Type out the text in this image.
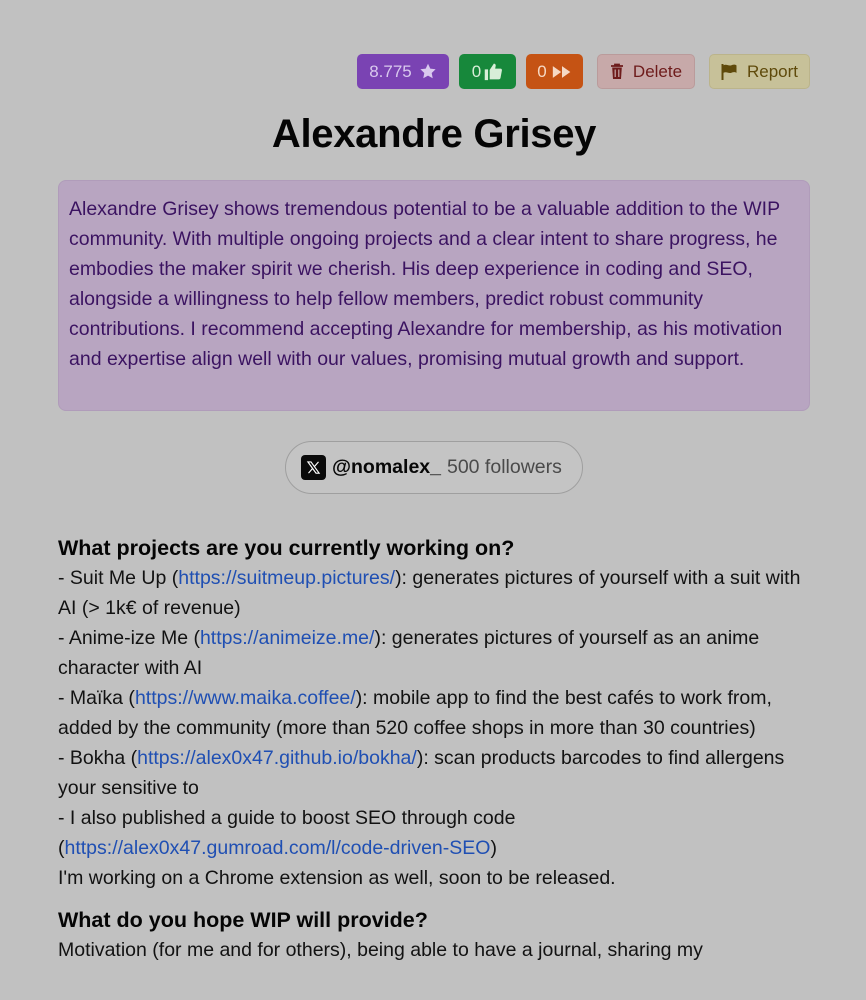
8.775	0	0	Delete	Report
Alexandre Grisey
Alexandre Grisey shows tremendous potential to be a valuable addition to the WIP community. With multiple ongoing projects and a clear intent to share progress, he embodies the maker spirit we cherish. His deep experience in coding and SEO, alongside a willingness to help fellow members, predict robust community contributions. I recommend accepting Alexandre for membership, as his motivation and expertise align well with our values, promising mutual growth and support.
@nomalex_ 500 followers
What projects are you currently working on?
- Suit Me Up (https://suitmeup.pictures/): generates pictures of yourself with a suit with AI (> 1k€ of revenue)
- Anime-ize Me (https://animeize.me/): generates pictures of yourself as an anime character with AI
- Maïka (https://www.maika.coffee/): mobile app to find the best cafés to work from, added by the community (more than 520 coffee shops in more than 30 countries)
- Bokha (https://alex0x47.github.io/bokha/): scan products barcodes to find allergens your sensitive to
- I also published a guide to boost SEO through code (https://alex0x47.gumroad.com/l/code-driven-SEO)
I'm working on a Chrome extension as well, soon to be released.
What do you hope WIP will provide?
Motivation (for me and for others), being able to have a journal, sharing my
